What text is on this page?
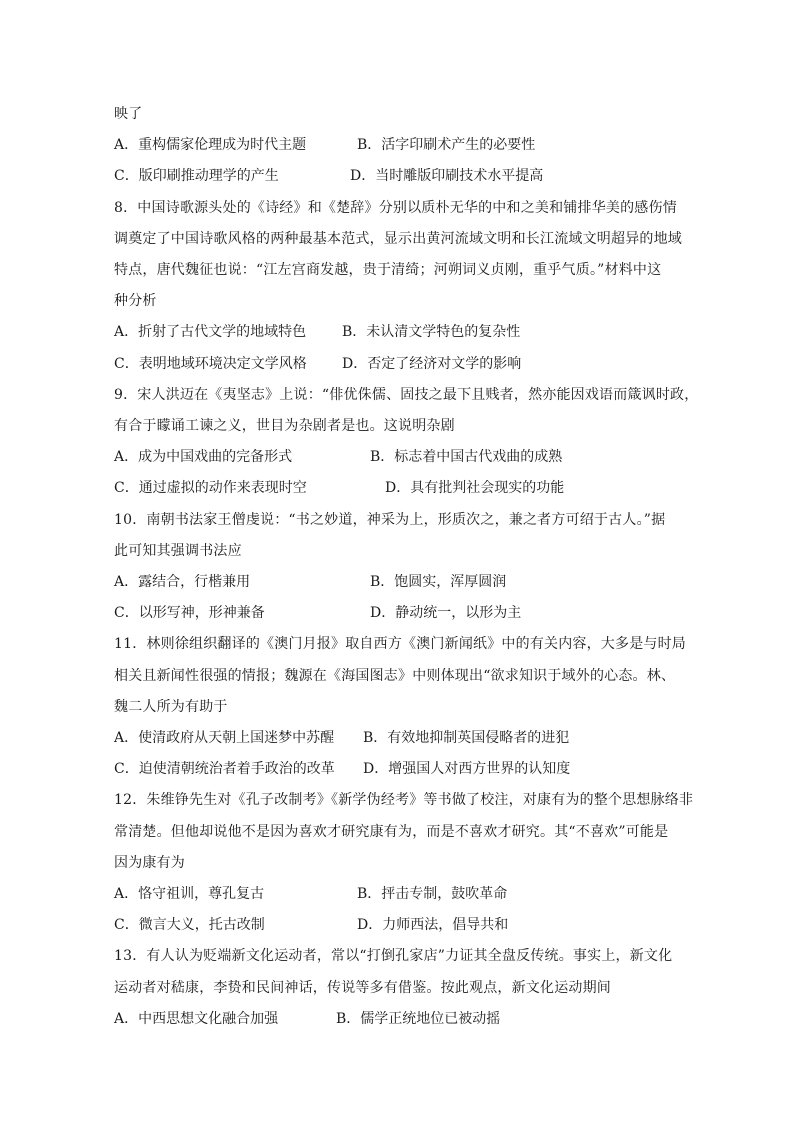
映了
A．重构儒家伦理成为时代主题	B．活字印刷术产生的必要性
C．版印刷推动理学的产生	D．当时雕版印刷技术水平提高
8．中国诗歌源头处的《诗经》和《楚辞》分别以质朴无华的中和之美和铺排华美的感伤情
调奠定了中国诗歌风格的两种最基本范式，显示出黄河流域文明和长江流域文明超异的地域
特点，唐代魏征也说：“江左宫商发越，贵于清绮；河朔词义贞刚，重乎气质。”材料中这
种分析
A．折射了古代文学的地域特色	B．未认清文学特色的复杂性
C．表明地域环境决定文学风格	D．否定了经济对文学的影响
9．宋人洪迈在《夷坚志》上说：“俳优侏儒、固技之最下且贱者，然亦能因戏语而箴讽时政，
有合于矇诵工谏之义，世目为杂剧者是也。这说明杂剧
A．成为中国戏曲的完备形式	B．标志着中国古代戏曲的成熟
C．通过虚拟的动作来表现时空	D．具有批判社会现实的功能
10．南朝书法家王僧虔说：“书之妙道，神采为上，形质次之，兼之者方可绍于古人。”据
此可知其强调书法应
A．露结合，行楷兼用	B．饱圆实，浑厚圆润
C．以形写神，形神兼备	D．静动统一，以形为主
11．林则徐组织翻译的《澳门月报》取自西方《澳门新闻纸》中的有关内容，大多是与时局
相关且新闻性很强的情报；魏源在《海国图志》中则体现出“欲求知识于域外的心态。林、
魏二人所为有助于
A．使清政府从天朝上国迷梦中苏醒 B．有效地抑制英国侵略者的进犯
C．迫使清朝统治者着手政治的改革 D．增强国人对西方世界的认知度
12．朱维铮先生对《孔子改制考》《新学伪经考》等书做了校注，对康有为的整个思想脉络非
常清楚。但他却说他不是因为喜欢才研究康有为，而是不喜欢才研究。其“不喜欢”可能是
因为康有为
A．恪守祖训，尊孔复古	B．抨击专制，鼓吹革命
C．微言大义，托古改制	D．力师西法，倡导共和
13．有人认为贬端新文化运动者，常以“打倒孔家店”力证其全盘反传统。事实上，新文化
运动者对嵇康，李贽和民间神话，传说等多有借鉴。按此观点，新文化运动期间
A．中西思想文化融合加强	B．儒学正统地位已被动摇
